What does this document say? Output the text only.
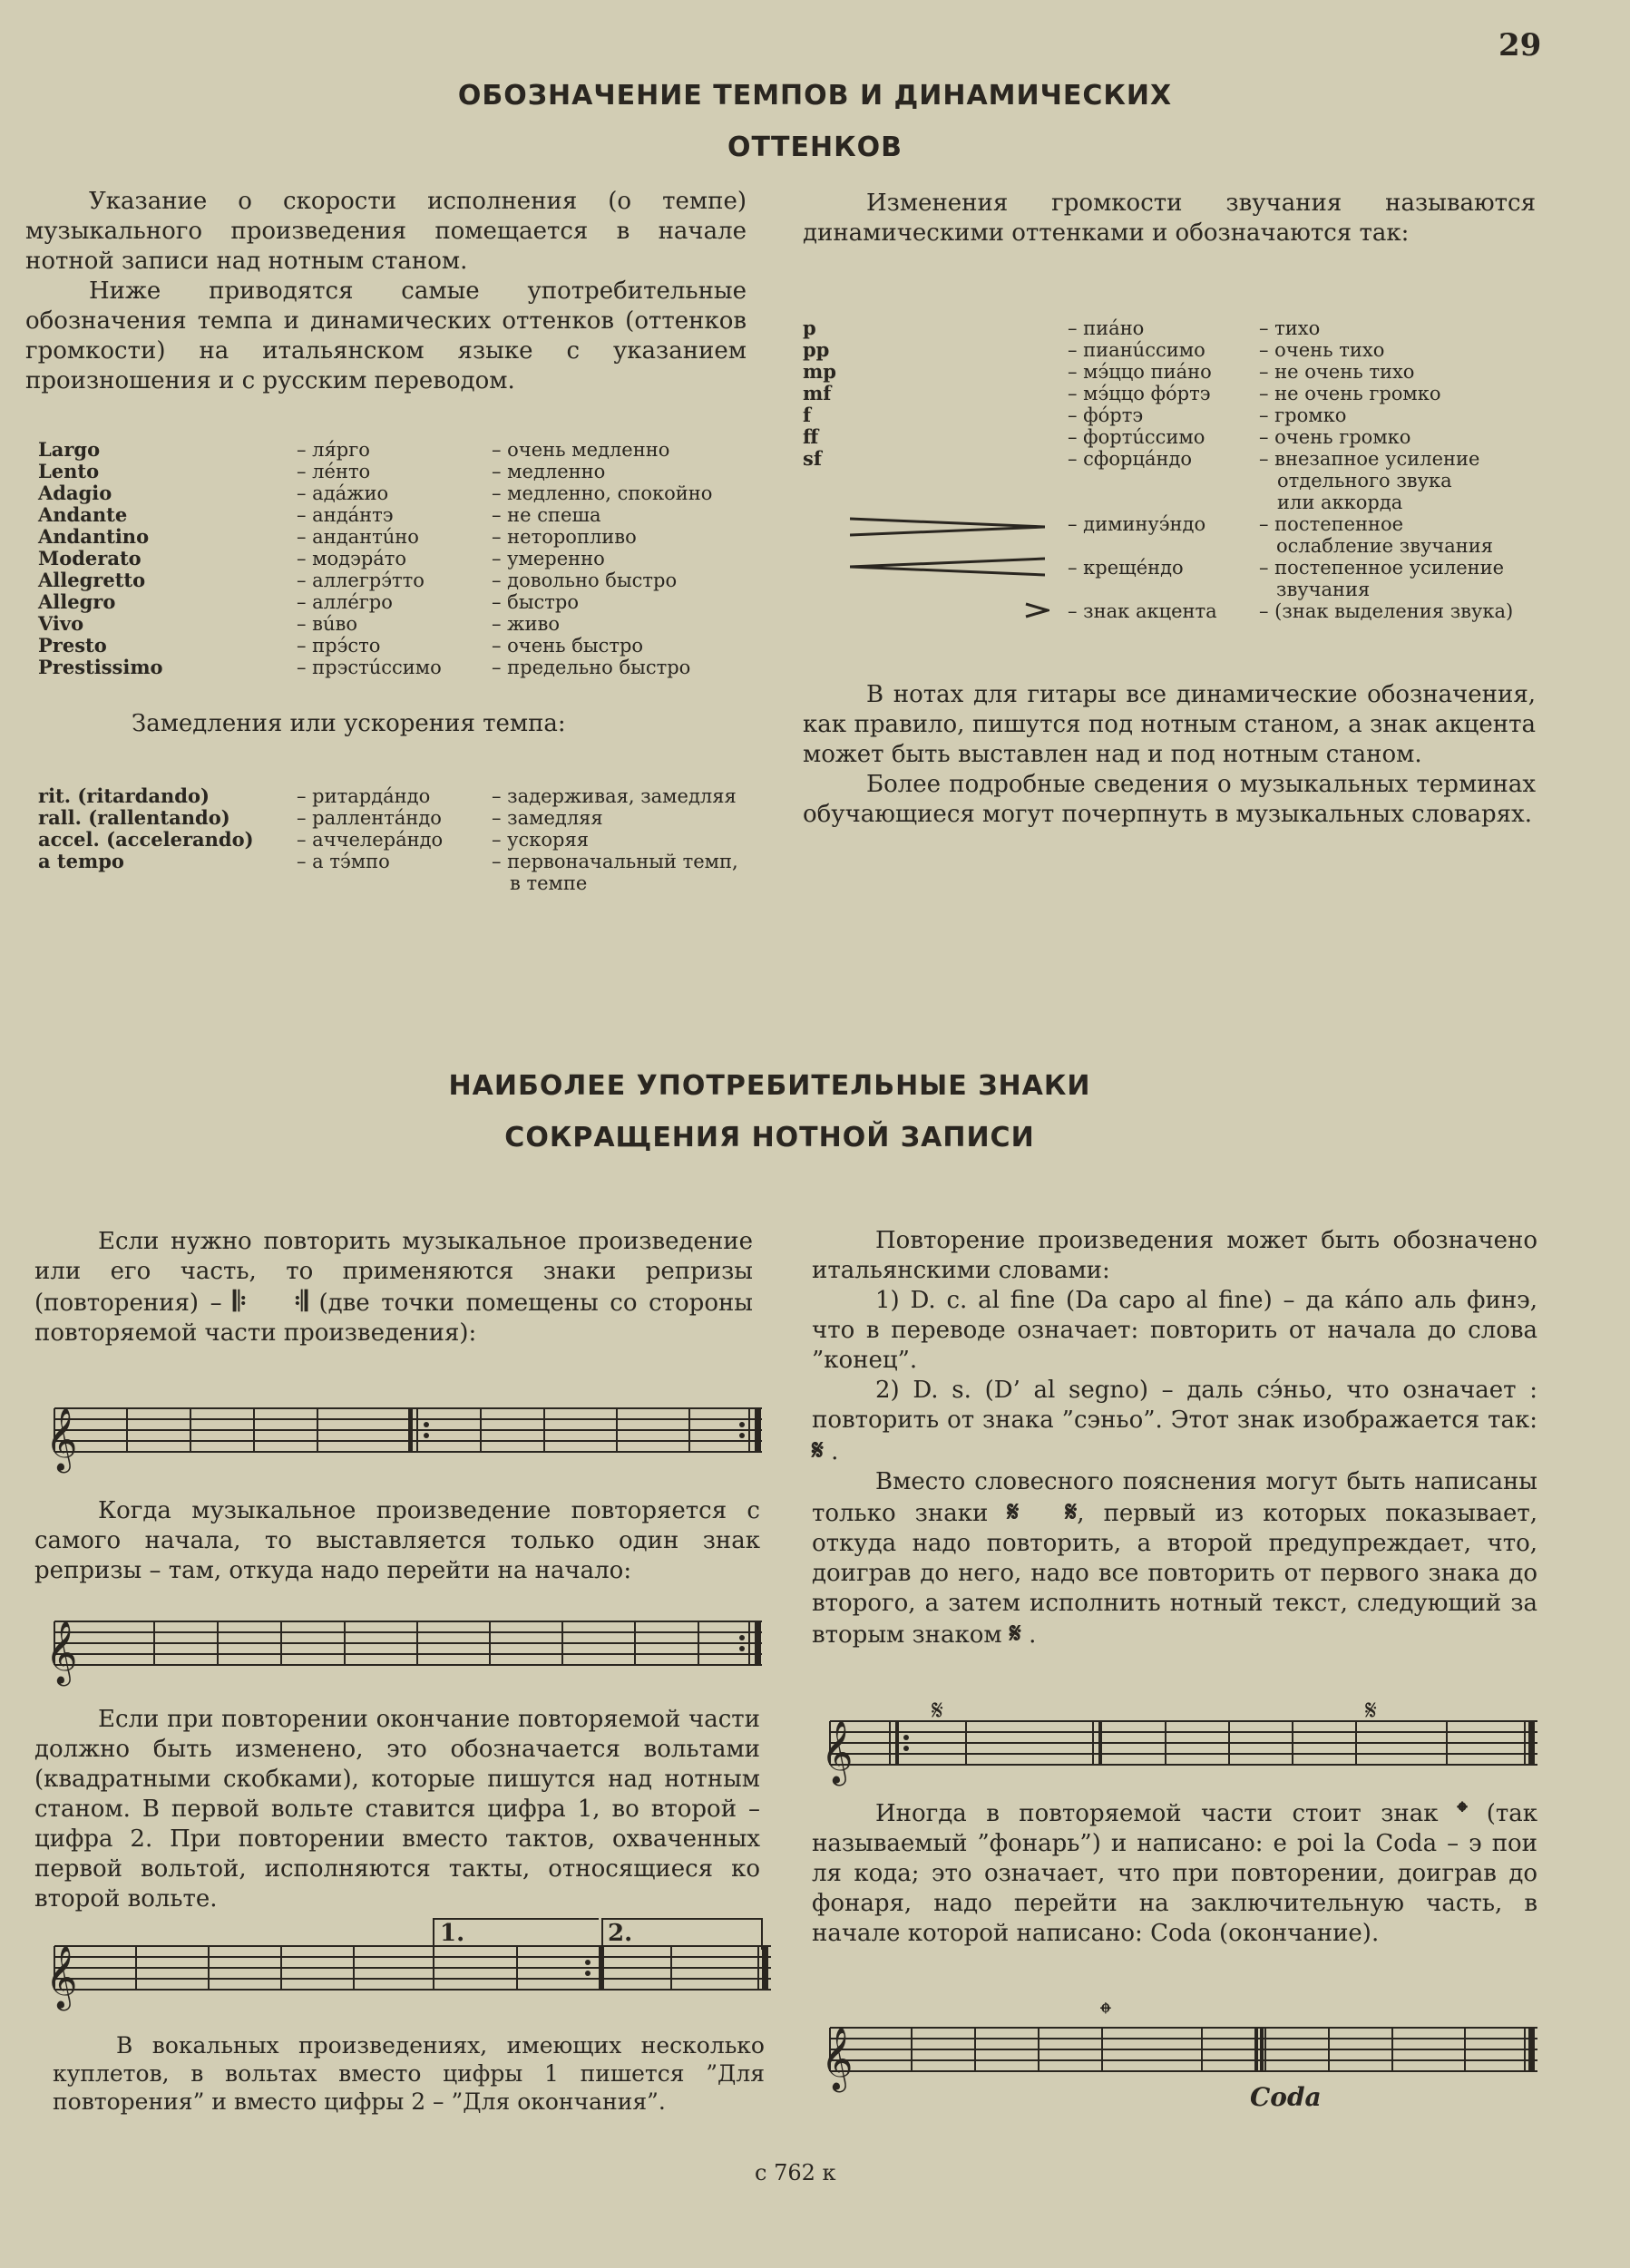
29
ОБОЗНАЧЕНИЕ ТЕМПОВ И ДИНАМИЧЕСКИХ
ОТТЕНКОВ

Указание о скорости исполнения (о темпе) музыкального произведения помещается в начале нотной записи над нотным станом.

Ниже приводятся самые употребительные обозначения темпа и динамических оттенков (оттенков громкости) на итальянском языке с указанием произношения и с русским переводом.

Largo	– ля́рго	– очень медленно
Lento	– ле́нто	– медленно
Adagio	– ада́жио	– медленно, спокойно
Andante	– анда́нтэ	– не спеша
Andantino	– андантúно	– неторопливо
Moderato	– модэра́то	– умеренно
Allegretto	– аллегрэ́тто	– довольно быстро
Allegro	– алле́гро	– быстро
Vivo	– вúво	– живо
Presto	– прэ́сто	– очень быстро
Prestissimo	– прэстúссимо	– предельно быстро
Замедления или ускорения темпа:
rit. (ritardando)	– ритарда́ндо	– задерживая, замедляя
rall. (rallentando)	– раллента́ндо	– замедляя
accel. (accelerando) – аччелера́ндо	– ускоряя
a tempo	– а тэ́мпо	– первоначальный темп,
в темпе

Изменения громкости звучания называются динамическими оттенками и обозначаются так:

p	– пиа́но	– тихо
pp	– пианúссимо	– очень тихо
mp	– мэ́ццо пиа́но – не очень тихо
mf	– мэ́ццо фо́ртэ	– не очень громко
f	– фо́ртэ	– громко
ff	– фортúссимо	– очень громко
sf	– сфорца́ндо	– внезапное усиление
отдельного звука
или аккорда
– диминуэ́ндо	– постепенное
ослабление звучания
– креще́ндо	– постепенное усиление
звучания
– знак акцента – (знак выделения звука)

В нотах для гитары все динамические обозначения, как правило, пишутся под нотным станом, а знак акцента может быть выставлен над и под нотным станом.

Более подробные сведения о музыкальных терминах обучающиеся могут почерпнуть в музыкальных словарях.

НАИБОЛЕЕ УПОТРЕБИТЕЛЬНЫЕ ЗНАКИ
СОКРАЩЕНИЯ НОТНОЙ ЗАПИСИ

Если нужно повторить музыкальное произведение или его часть, то применяются знаки репризы (повторения) – 𝄆 𝄇 (две точки помещены со стороны повторяемой части произведения):

𝄞

Когда музыкальное произведение повторяется с самого начала, то выставляется только один знак репризы – там, откуда надо перейти на начало:

𝄞

Если при повторении окончание повторяемой части должно быть изменено, это обозначается вольтами (квадратными скобками), которые пишутся над нотным станом. В первой вольте ставится цифра 1, во второй – цифра 2. При повторении вместо тактов, охваченных первой вольтой, исполняются такты, относящиеся ко второй вольте.

𝄞
1.	2.

В вокальных произведениях, имеющих несколько куплетов, в вольтах вместо цифры 1 пишется ”Для повторения” и вместо цифры 2 – ”Для окончания”.

Повторение произведения может быть обозначено итальянскими словами:

1) D. c. al fine (Da capo al fine) – да ка́по аль финэ, что в переводе означает: повторить от начала до слова ”конец”.

2) D. s. (D’ al segno) – даль сэ́ньо, что означает : повторить от знака ”сэньо”. Этот знак изображается так: 𝄋 .

Вместо словесного пояснения могут быть написаны только знаки 𝄋 𝄋, первый из которых показывает, откуда надо повторить, а второй предупреждает, что, доиграв до него, надо все повторить от первого знака до второго, а затем исполнить нотный текст, следующий за вторым знаком 𝄋 .

𝄞
𝄋	𝄋

Иногда в повторяемой части стоит знак 𝄌 (так называемый ”фонарь”) и написано: e poi la Coda – э пои ля кода; это означает, что при повторении, доиграв до фонаря, надо перейти на заключительную часть, в начале которой написано: Coda (окончание).

𝄞
𝄌
Coda
с 762 к
